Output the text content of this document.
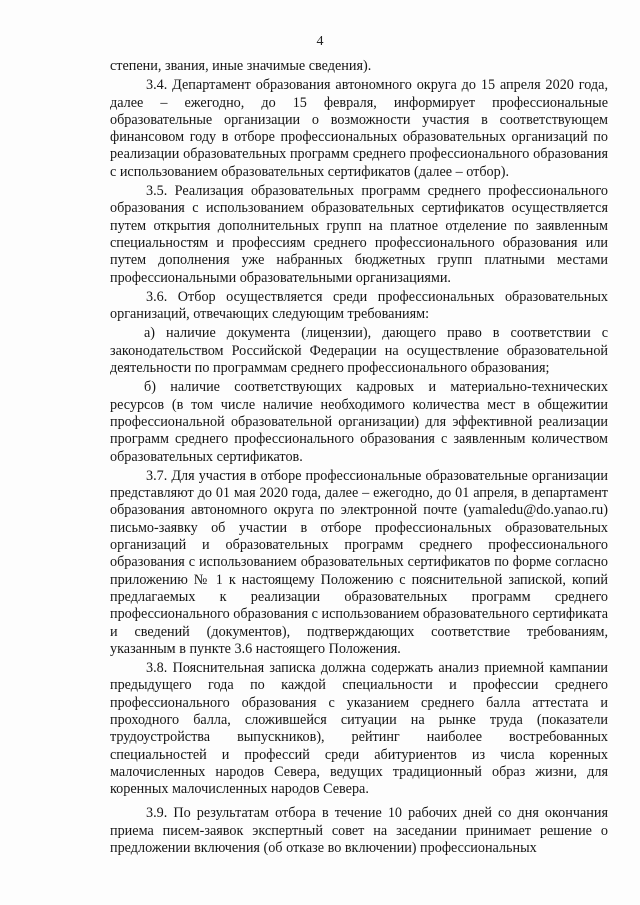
4

степени, звания, иные значимые сведения).

3.4. Департамент образования автономного округа до 15 апреля 2020 года, далее – ежегодно, до 15 февраля, информирует профессиональные образовательные организации о возможности участия в соответствующем финансовом году в отборе профессиональных образовательных организаций по реализации образовательных программ среднего профессионального образования с использованием образовательных сертификатов (далее – отбор).

3.5. Реализация образовательных программ среднего профессионального образования с использованием образовательных сертификатов осуществляется путем открытия дополнительных групп на платное отделение по заявленным специальностям и профессиям среднего профессионального образования или путем дополнения уже набранных бюджетных групп платными местами профессиональными образовательными организациями.

3.6. Отбор осуществляется среди профессиональных образовательных организаций, отвечающих следующим требованиям:

а) наличие документа (лицензии), дающего право в соответствии с законодательством Российской Федерации на осуществление образовательной деятельности по программам среднего профессионального образования;

б) наличие соответствующих кадровых и материально-технических ресурсов (в том числе наличие необходимого количества мест в общежитии профессиональной образовательной организации) для эффективной реализации программ среднего профессионального образования с заявленным количеством образовательных сертификатов.

3.7. Для участия в отборе профессиональные образовательные организации представляют до 01 мая 2020 года, далее – ежегодно, до 01 апреля, в департамент образования автономного округа по электронной почте (yamaledu@do.yanao.ru) письмо-заявку об участии в отборе профессиональных образовательных организаций и образовательных программ среднего профессионального образования с использованием образовательных сертификатов по форме согласно приложению № 1 к настоящему Положению с пояснительной запиской, копий предлагаемых к реализации образовательных программ среднего профессионального образования с использованием образовательного сертификата и сведений (документов), подтверждающих соответствие требованиям, указанным в пункте 3.6 настоящего Положения.

3.8. Пояснительная записка должна содержать анализ приемной кампании предыдущего года по каждой специальности и профессии среднего профессионального образования с указанием среднего балла аттестата и проходного балла, сложившейся ситуации на рынке труда (показатели трудоустройства выпускников), рейтинг наиболее востребованных специальностей и профессий среди абитуриентов из числа коренных малочисленных народов Севера, ведущих традиционный образ жизни, для коренных малочисленных народов Севера.

3.9. По результатам отбора в течение 10 рабочих дней со дня окончания приема писем-заявок экспертный совет на заседании принимает решение о предложении включения (об отказе во включении) профессиональных
